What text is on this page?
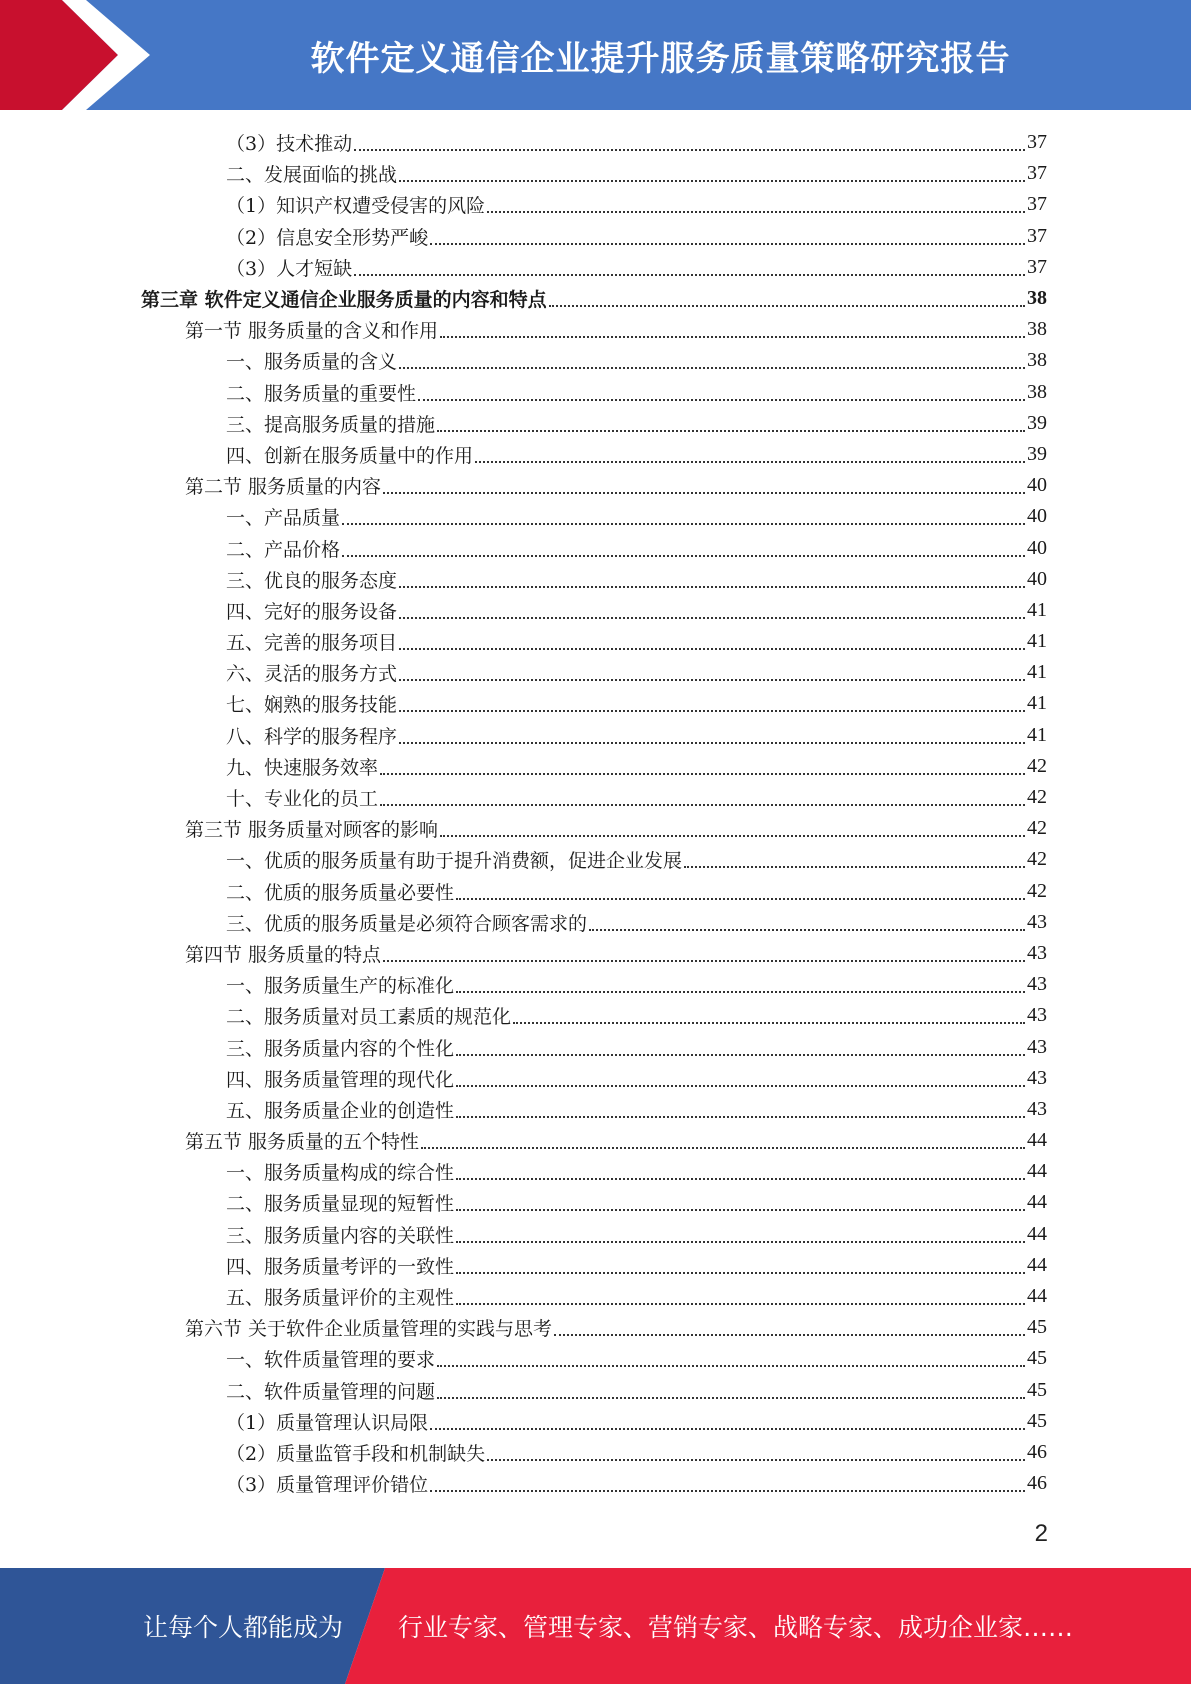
软件定义通信企业提升服务质量策略研究报告
（3）技术推动	37
二、发展面临的挑战	37
（1）知识产权遭受侵害的风险	37
（2）信息安全形势严峻	37
（3）人才短缺	37
第三章 软件定义通信企业服务质量的内容和特点	38
第一节 服务质量的含义和作用	38
一、服务质量的含义	38
二、服务质量的重要性	38
三、提高服务质量的措施	39
四、创新在服务质量中的作用	39
第二节 服务质量的内容	40
一、产品质量	40
二、产品价格	40
三、优良的服务态度	40
四、完好的服务设备	41
五、完善的服务项目	41
六、灵活的服务方式	41
七、娴熟的服务技能	41
八、科学的服务程序	41
九、快速服务效率	42
十、专业化的员工	42
第三节 服务质量对顾客的影响	42
一、优质的服务质量有助于提升消费额，促进企业发展	42
二、优质的服务质量必要性	42
三、优质的服务质量是必须符合顾客需求的	43
第四节 服务质量的特点	43
一、服务质量生产的标准化	43
二、服务质量对员工素质的规范化	43
三、服务质量内容的个性化	43
四、服务质量管理的现代化	43
五、服务质量企业的创造性	43
第五节 服务质量的五个特性	44
一、服务质量构成的综合性	44
二、服务质量显现的短暂性	44
三、服务质量内容的关联性	44
四、服务质量考评的一致性	44
五、服务质量评价的主观性	44
第六节 关于软件企业质量管理的实践与思考	45
一、软件质量管理的要求	45
二、软件质量管理的问题	45
（1）质量管理认识局限	45
（2）质量监管手段和机制缺失	46
（3）质量管理评价错位	46
2
让每个人都能成为 行业专家、管理专家、营销专家、战略专家、成功企业家……
